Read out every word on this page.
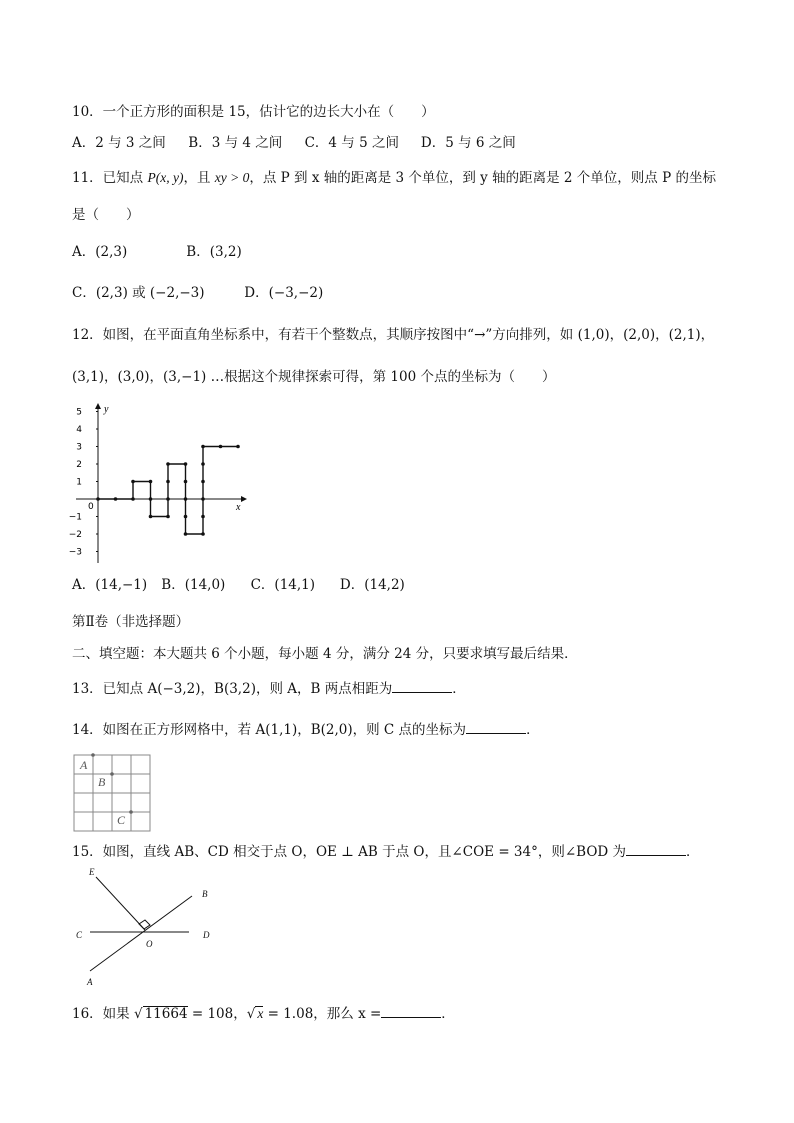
10．一个正方形的面积是 15，估计它的边长大小在（　　）
A．2 与 3 之间 B．3 与 4 之间 C．4 与 5 之间 D．5 与 6 之间
11．已知点 P(x, y)，且 xy > 0，点 P 到 x 轴的距离是 3 个单位，到 y 轴的距离是 2 个单位，则点 P 的坐标
是（　　）
A．(2,3)	B．(3,2)
C．(2,3) 或 (−2,−3)	D．(−3,−2)
12．如图，在平面直角坐标系中，有若干个整数点，其顺序按图中“→”方向排列，如 (1,0)，(2,0)，(2,1)，
(3,1)，(3,0)，(3,−1) …根据这个规律探索可得，第 100 个点的坐标为（　　）
y
x
0
5
4
3
2
1
−1
−2
−3
A．(14,−1) B．(14,0) C．(14,1) D．(14,2)
第Ⅱ卷（非选择题）
二、填空题：本大题共 6 个小题，每小题 4 分，满分 24 分，只要求填写最后结果．
13．已知点 A(−3,2)，B(3,2)，则 A，B 两点相距为	．
14．如图在正方形网格中，若 A(1,1)，B(2,0)，则 C 点的坐标为	．
A
B
C
15．如图，直线 AB、CD 相交于点 O，OE ⊥ AB 于点 O，且∠COE = 34°，则∠BOD 为	．
E
B
C
O
D
A
16．如果 √ 11664 = 108，√ x = 1.08，那么 x =	．
